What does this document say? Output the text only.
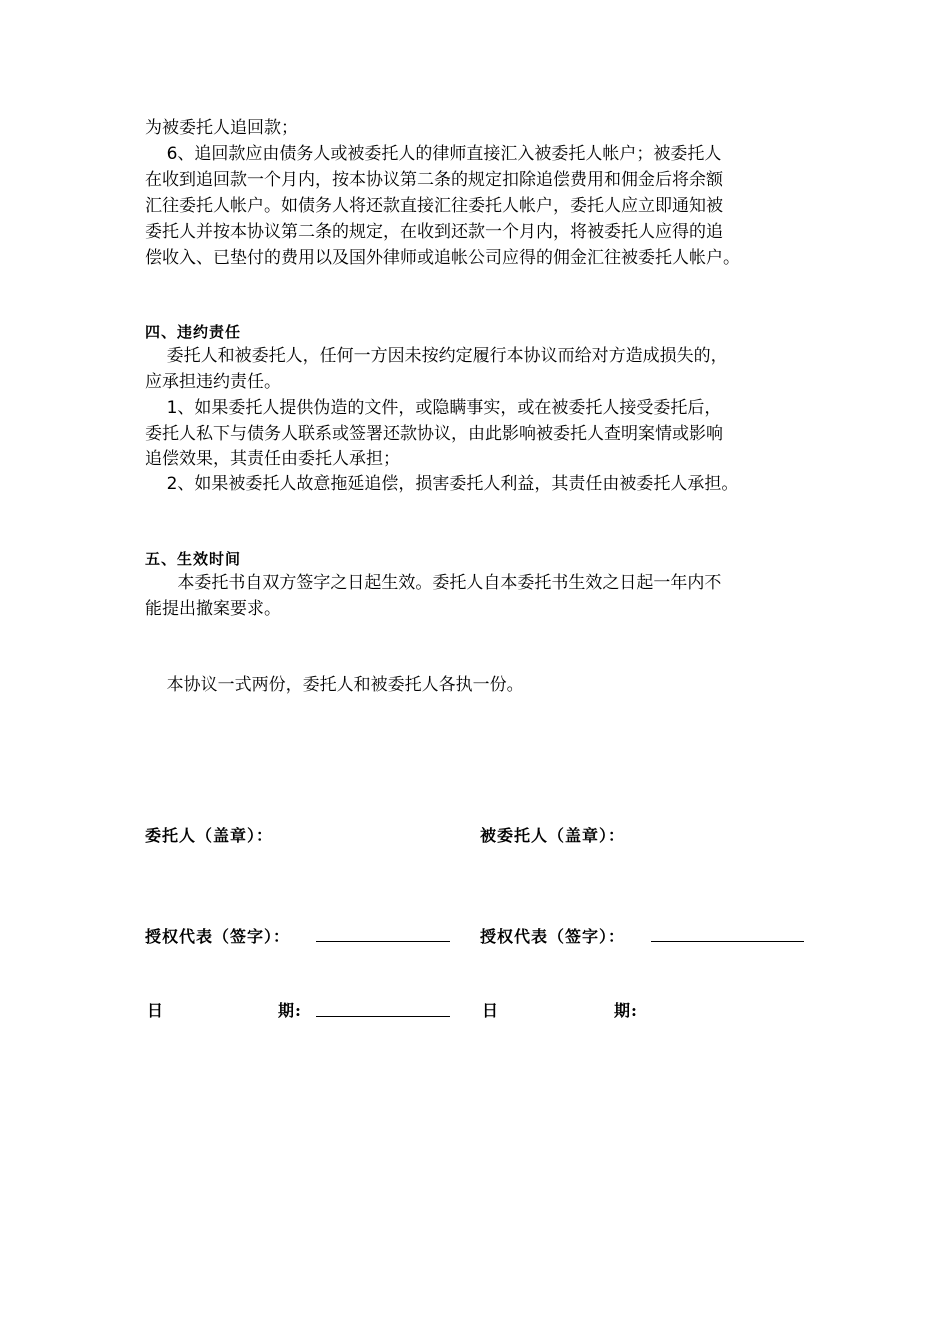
为被委托人追回款；
6、追回款应由债务人或被委托人的律师直接汇入被委托人帐户；被委托人
在收到追回款一个月内，按本协议第二条的规定扣除追偿费用和佣金后将余额
汇往委托人帐户。如债务人将还款直接汇往委托人帐户，委托人应立即通知被
委托人并按本协议第二条的规定，在收到还款一个月内，将被委托人应得的追
偿收入、已垫付的费用以及国外律师或追帐公司应得的佣金汇往被委托人帐户。
四、违约责任
委托人和被委托人，任何一方因未按约定履行本协议而给对方造成损失的，
应承担违约责任。
1、如果委托人提供伪造的文件，或隐瞒事实，或在被委托人接受委托后，
委托人私下与债务人联系或签署还款协议，由此影响被委托人查明案情或影响
追偿效果，其责任由委托人承担；
2、如果被委托人故意拖延追偿，损害委托人利益，其责任由被委托人承担。
五、生效时间
本委托书自双方签字之日起生效。委托人自本委托书生效之日起一年内不
能提出撤案要求。
本协议一式两份，委托人和被委托人各执一份。
委托人（盖章）：
授权代表（签字）：
日	期:
被委托人（盖章）：
授权代表（签字）：
日	期:
